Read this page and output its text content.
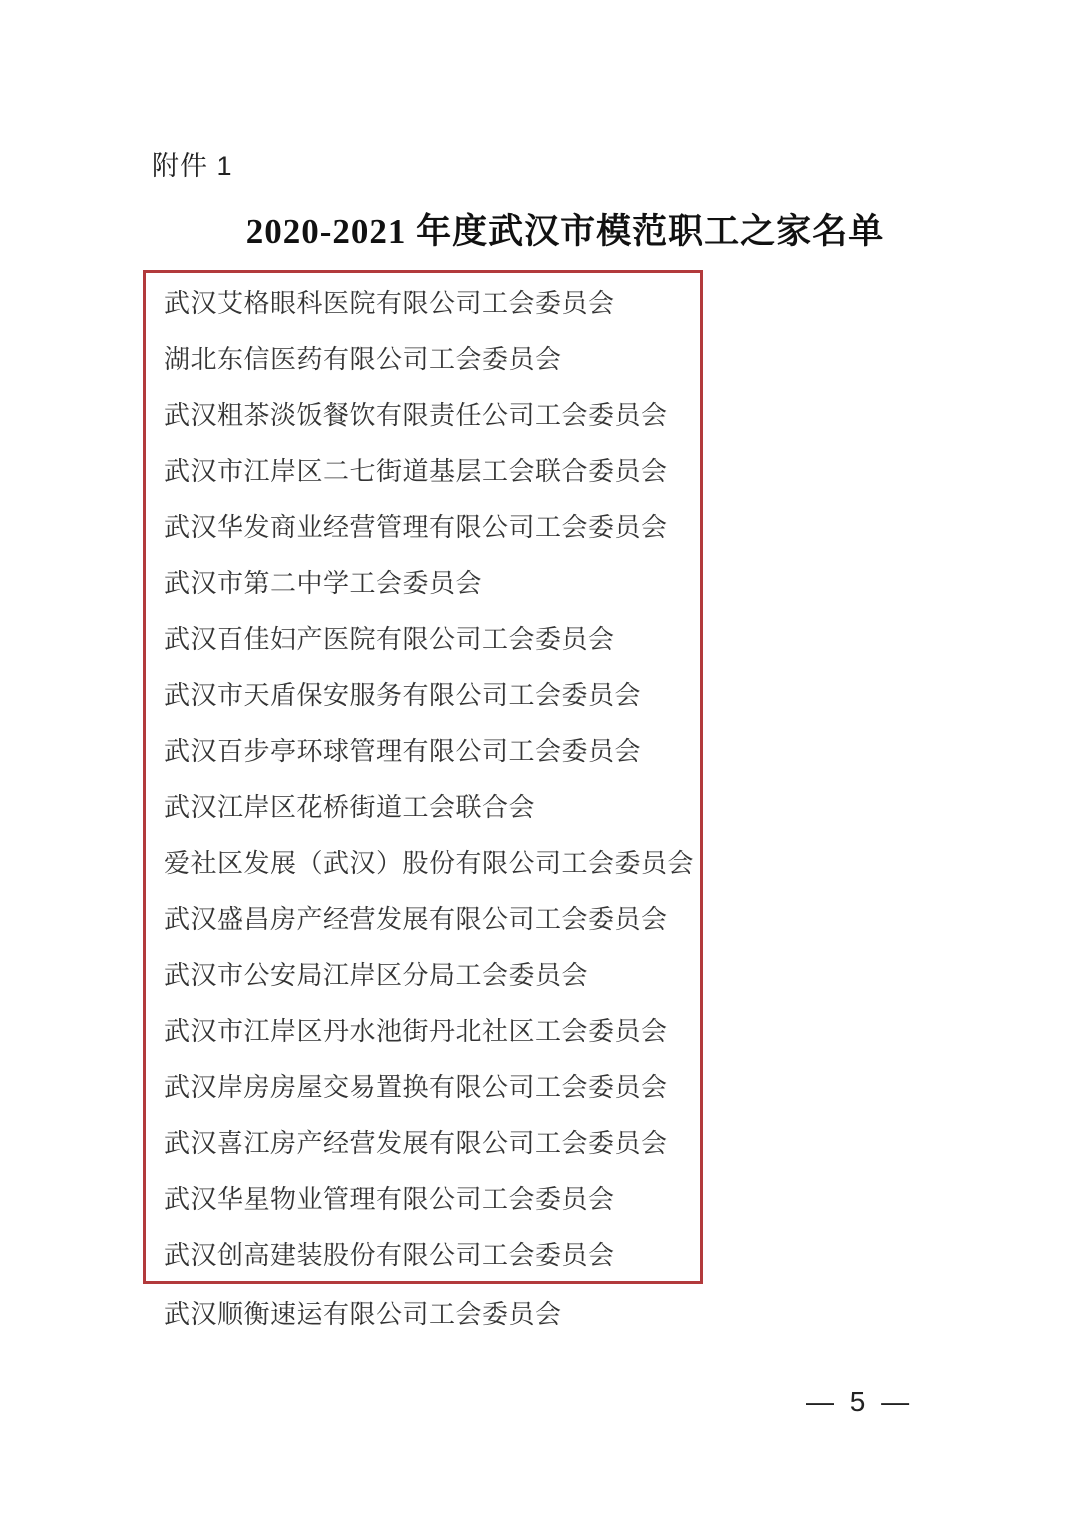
附件 1
2020-2021 年度武汉市模范职工之家名单
武汉艾格眼科医院有限公司工会委员会
湖北东信医药有限公司工会委员会
武汉粗茶淡饭餐饮有限责任公司工会委员会
武汉市江岸区二七街道基层工会联合委员会
武汉华发商业经营管理有限公司工会委员会
武汉市第二中学工会委员会
武汉百佳妇产医院有限公司工会委员会
武汉市天盾保安服务有限公司工会委员会
武汉百步亭环球管理有限公司工会委员会
武汉江岸区花桥街道工会联合会
爱社区发展（武汉）股份有限公司工会委员会
武汉盛昌房产经营发展有限公司工会委员会
武汉市公安局江岸区分局工会委员会
武汉市江岸区丹水池街丹北社区工会委员会
武汉岸房房屋交易置换有限公司工会委员会
武汉喜江房产经营发展有限公司工会委员会
武汉华星物业管理有限公司工会委员会
武汉创高建装股份有限公司工会委员会
武汉顺衡速运有限公司工会委员会
— 5 —
